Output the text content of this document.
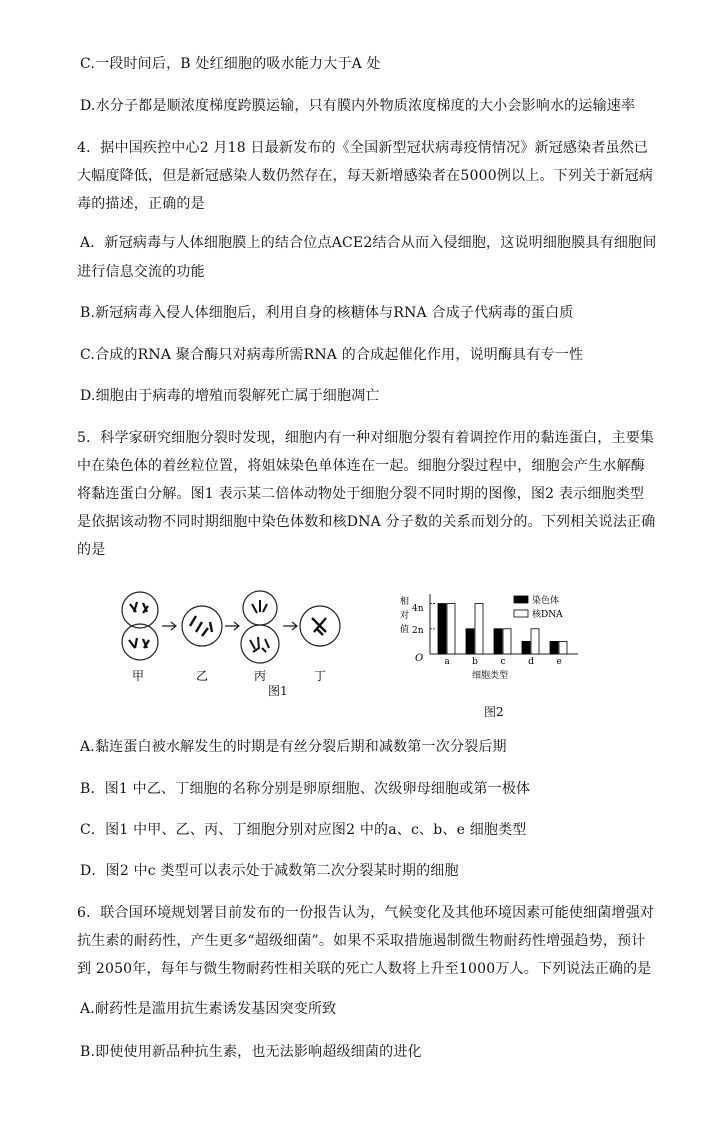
C.一段时间后，B 处红细胞的吸水能力大于A 处
D.水分子都是顺浓度梯度跨膜运输，只有膜内外物质浓度梯度的大小会影响水的运输速率
4．据中国疾控中心2 月18 日最新发布的《全国新型冠状病毒疫情情况》新冠感染者虽然已
大幅度降低，但是新冠感染人数仍然存在，每天新增感染者在5000例以上。下列关于新冠病
毒的描述，正确的是
A．新冠病毒与人体细胞膜上的结合位点ACE2结合从而入侵细胞，这说明细胞膜具有细胞间
进行信息交流的功能
B.新冠病毒入侵人体细胞后，利用自身的核糖体与RNA 合成子代病毒的蛋白质
C.合成的RNA 聚合酶只对病毒所需RNA 的合成起催化作用，说明酶具有专一性
D.细胞由于病毒的增殖而裂解死亡属于细胞凋亡
5．科学家研究细胞分裂时发现，细胞内有一种对细胞分裂有着调控作用的黏连蛋白，主要集
中在染色体的着丝粒位置，将姐妹染色单体连在一起。细胞分裂过程中，细胞会产生水解酶
将黏连蛋白分解。图1 表示某二倍体动物处于细胞分裂不同时期的图像，图2 表示细胞类型
是依据该动物不同时期细胞中染色体数和核DNA 分子数的关系而划分的。下列相关说法正确
的是
甲	乙	丙	丁
图1
相
对
值
4n
2n
O a b	c	d e
细胞类型
染色体
核DNA
图2
A.黏连蛋白被水解发生的时期是有丝分裂后期和减数第一次分裂后期
B．图1 中乙、丁细胞的名称分别是卵原细胞、次级卵母细胞或第一极体
C．图1 中甲、乙、丙、丁细胞分别对应图2 中的a、c、b、e 细胞类型
D．图2 中c 类型可以表示处于减数第二次分裂某时期的细胞
6．联合国环境规划署目前发布的一份报告认为，气候变化及其他环境因素可能使细菌增强对
抗生素的耐药性，产生更多“超级细菌”。如果不采取措施遏制微生物耐药性增强趋势，预计
到 2050年，每年与微生物耐药性相关联的死亡人数将上升至1000万人。下列说法正确的是
A.耐药性是滥用抗生素诱发基因突变所致
B.即使使用新品种抗生素，也无法影响超级细菌的进化
